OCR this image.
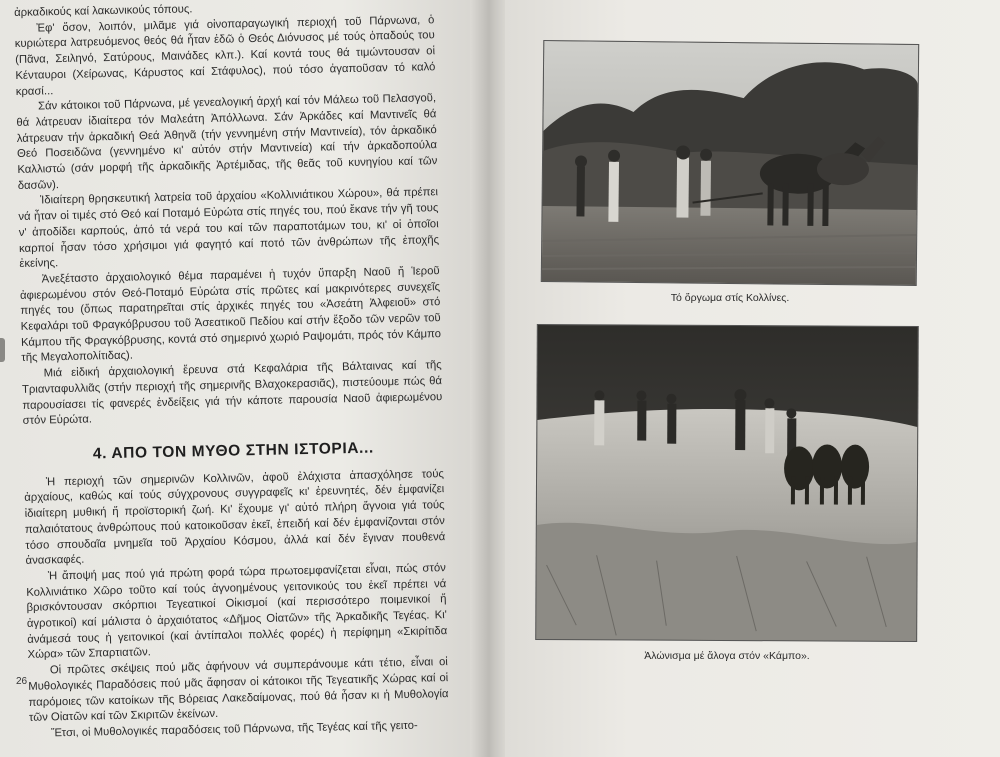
ἀρκαδικούς καί λακωνικούς τόπους.

Ἐφ' ὅσον, λοιπόν, μιλᾶμε γιά οἰνοπαραγωγική περιοχή τοῦ Πάρνωνα, ὁ κυριώτερα λατρευόμενος θεός θά ἦταν ἐδῶ ὁ Θεός Διόνυσος μέ τούς ὀπαδούς του (Πᾶνα, Σειληνό, Σατύρους, Μαινάδες κλπ.). Καί κοντά τους θά τιμώντουσαν οἱ Κένταυροι (Χείρωνας, Κάρυστος καί Στάφυλος), πού τόσο ἀγαποῦσαν τό καλό κρασί...

Σάν κάτοικοι τοῦ Πάρνωνα, μέ γενεαλογική ἀρχή καί τόν Μάλεω τοῦ Πελασγοῦ, θά λάτρευαν ἰδιαίτερα τόν Μαλεάτη Ἀπόλλωνα. Σάν Ἀρκάδες καί Μαντινεῖς θά λάτρευαν τήν ἀρκαδική Θεά Ἀθηνᾶ (τήν γεννημένη στήν Μαντινεία), τόν ἀρκαδικό Θεό Ποσειδῶνα (γεννημένο κι' αὐτόν στήν Μαντινεία) καί τήν ἀρκαδοπούλα Καλλιστώ (σάν μορφή τῆς ἀρκαδικῆς Ἀρτέμιδας, τῆς θεᾶς τοῦ κυνηγίου καί τῶν δασῶν).

Ἰδιαίτερη θρησκευτική λατρεία τοῦ ἀρχαίου «Κολλινιάτικου Χώρου», θά πρέπει νά ἦταν οἱ τιμές στό Θεό καί Ποταμό Εὐρώτα στίς πηγές του, πού ἔκανε τήν γῆ τους ν' ἀποδίδει καρπούς, ἀπό τά νερά του καί τῶν παραποτάμων του, κι' οἱ ὁποῖοι καρποί ἦσαν τόσο χρήσιμοι γιά φαγητό καί ποτό τῶν ἀνθρώπων τῆς ἐποχῆς ἐκείνης.

Ἀνεξέταστο ἀρχαιολογικό θέμα παραμένει ἡ τυχόν ὕπαρξη Ναοῦ ἤ Ἱεροῦ ἀφιερωμένου στόν Θεό-Ποταμό Εὐρώτα στίς πρῶτες καί μακρινότερες συνεχεῖς πηγές του (ὅπως παρατηρεῖται στίς ἀρχικές πηγές του «Ἀσεάτη Ἀλφειοῦ» στό Κεφαλάρι τοῦ Φραγκόβρυσου τοῦ Ἀσεατικοῦ Πεδίου καί στήν ἔξοδο τῶν νερῶν τοῦ Κάμπου τῆς Φραγκόβρυσης, κοντά στό σημερινό χωριό Ραψομάτι, πρός τόν Κάμπο τῆς Μεγαλοπολίτιδας).

Μιά εἰδική ἀρχαιολογική ἔρευνα στά Κεφαλάρια τῆς Βάλταινας καί τῆς Τριανταφυλλιᾶς (στήν περιοχή τῆς σημερινῆς Βλαχοκερασιᾶς), πιστεύουμε πώς θά παρουσίασει τίς φανερές ἐνδείξεις γιά τήν κάποτε παρουσία Ναοῦ ἀφιερωμένου στόν Εὐρώτα.

4. ΑΠΟ ΤΟΝ ΜΥΘΟ ΣΤΗΝ ΙΣΤΟΡΙΑ...

Ἡ περιοχή τῶν σημερινῶν Κολλινῶν, ἀφοῦ ἐλάχιστα ἀπασχόλησε τούς ἀρχαίους, καθώς καί τούς σύγχρονους συγγραφεῖς κι' ἐρευνητές, δέν ἐμφανίζει ἰδιαίτερη μυθική ἤ προϊστορική ζωή. Κι' ἔχουμε γι' αὐτό πλήρη ἄγνοια γιά τούς παλαιότατους ἀνθρώπους πού κατοικοῦσαν ἐκεῖ, ἐπειδή καί δέν ἐμφανίζονται στόν τόσο σπουδαῖα μνημεῖα τοῦ Ἀρχαίου Κόσμου, ἀλλά καί δέν ἔγιναν πουθενά ἀνασκαφές.

Ἡ ἄποψή μας πού γιά πρώτη φορά τώρα πρωτοεμφανίζεται εἶναι, πώς στόν Κολλινιάτικο Χῶρο τοῦτο καί τούς ἀγνοημένους γειτονικούς του ἐκεῖ πρέπει νά βρισκόντουσαν σκόρπιοι Τεγεατικοί Οἰκισμοί (καί περισσότερο ποιμενικοί ἤ ἀγροτικοί) καί μάλιστα ὁ ἀρχαιότατος «Δῆμος Οἰατῶν» τῆς Ἀρκαδικῆς Τεγέας. Κι' ἀνάμεσά τους ἡ γειτονικοί (καί ἀντίπαλοι πολλές φορές) ἡ περίφημη «Σκιρίτιδα Χώρα» τῶν Σπαρτιατῶν.

Οἱ πρῶτες σκέψεις πού μᾶς ἀφήνουν νά συμπεράνουμε κάτι τέτιο, εἶναι οἱ Μυθολογικές Παραδόσεις πού μᾶς ἄφησαν οἱ κάτοικοι τῆς Τεγεατικῆς Χώρας καί οἱ παρόμοιες τῶν κατοίκων τῆς Βόρειας Λακεδαίμονας, πού θά ἦσαν κι ἡ Μυθολογία τῶν Οἰατῶν καί τῶν Σκιριτῶν ἐκείνων.

Ἔτσι, οἱ Μυθολογικές παραδόσεις τοῦ Πάρνωνα, τῆς Τεγέας καί τῆς γειτο-

26
Τό ὄργωμα στίς Κολλίνες.
Ἁλώνισμα μέ ἄλογα στόν «Κάμπο».
